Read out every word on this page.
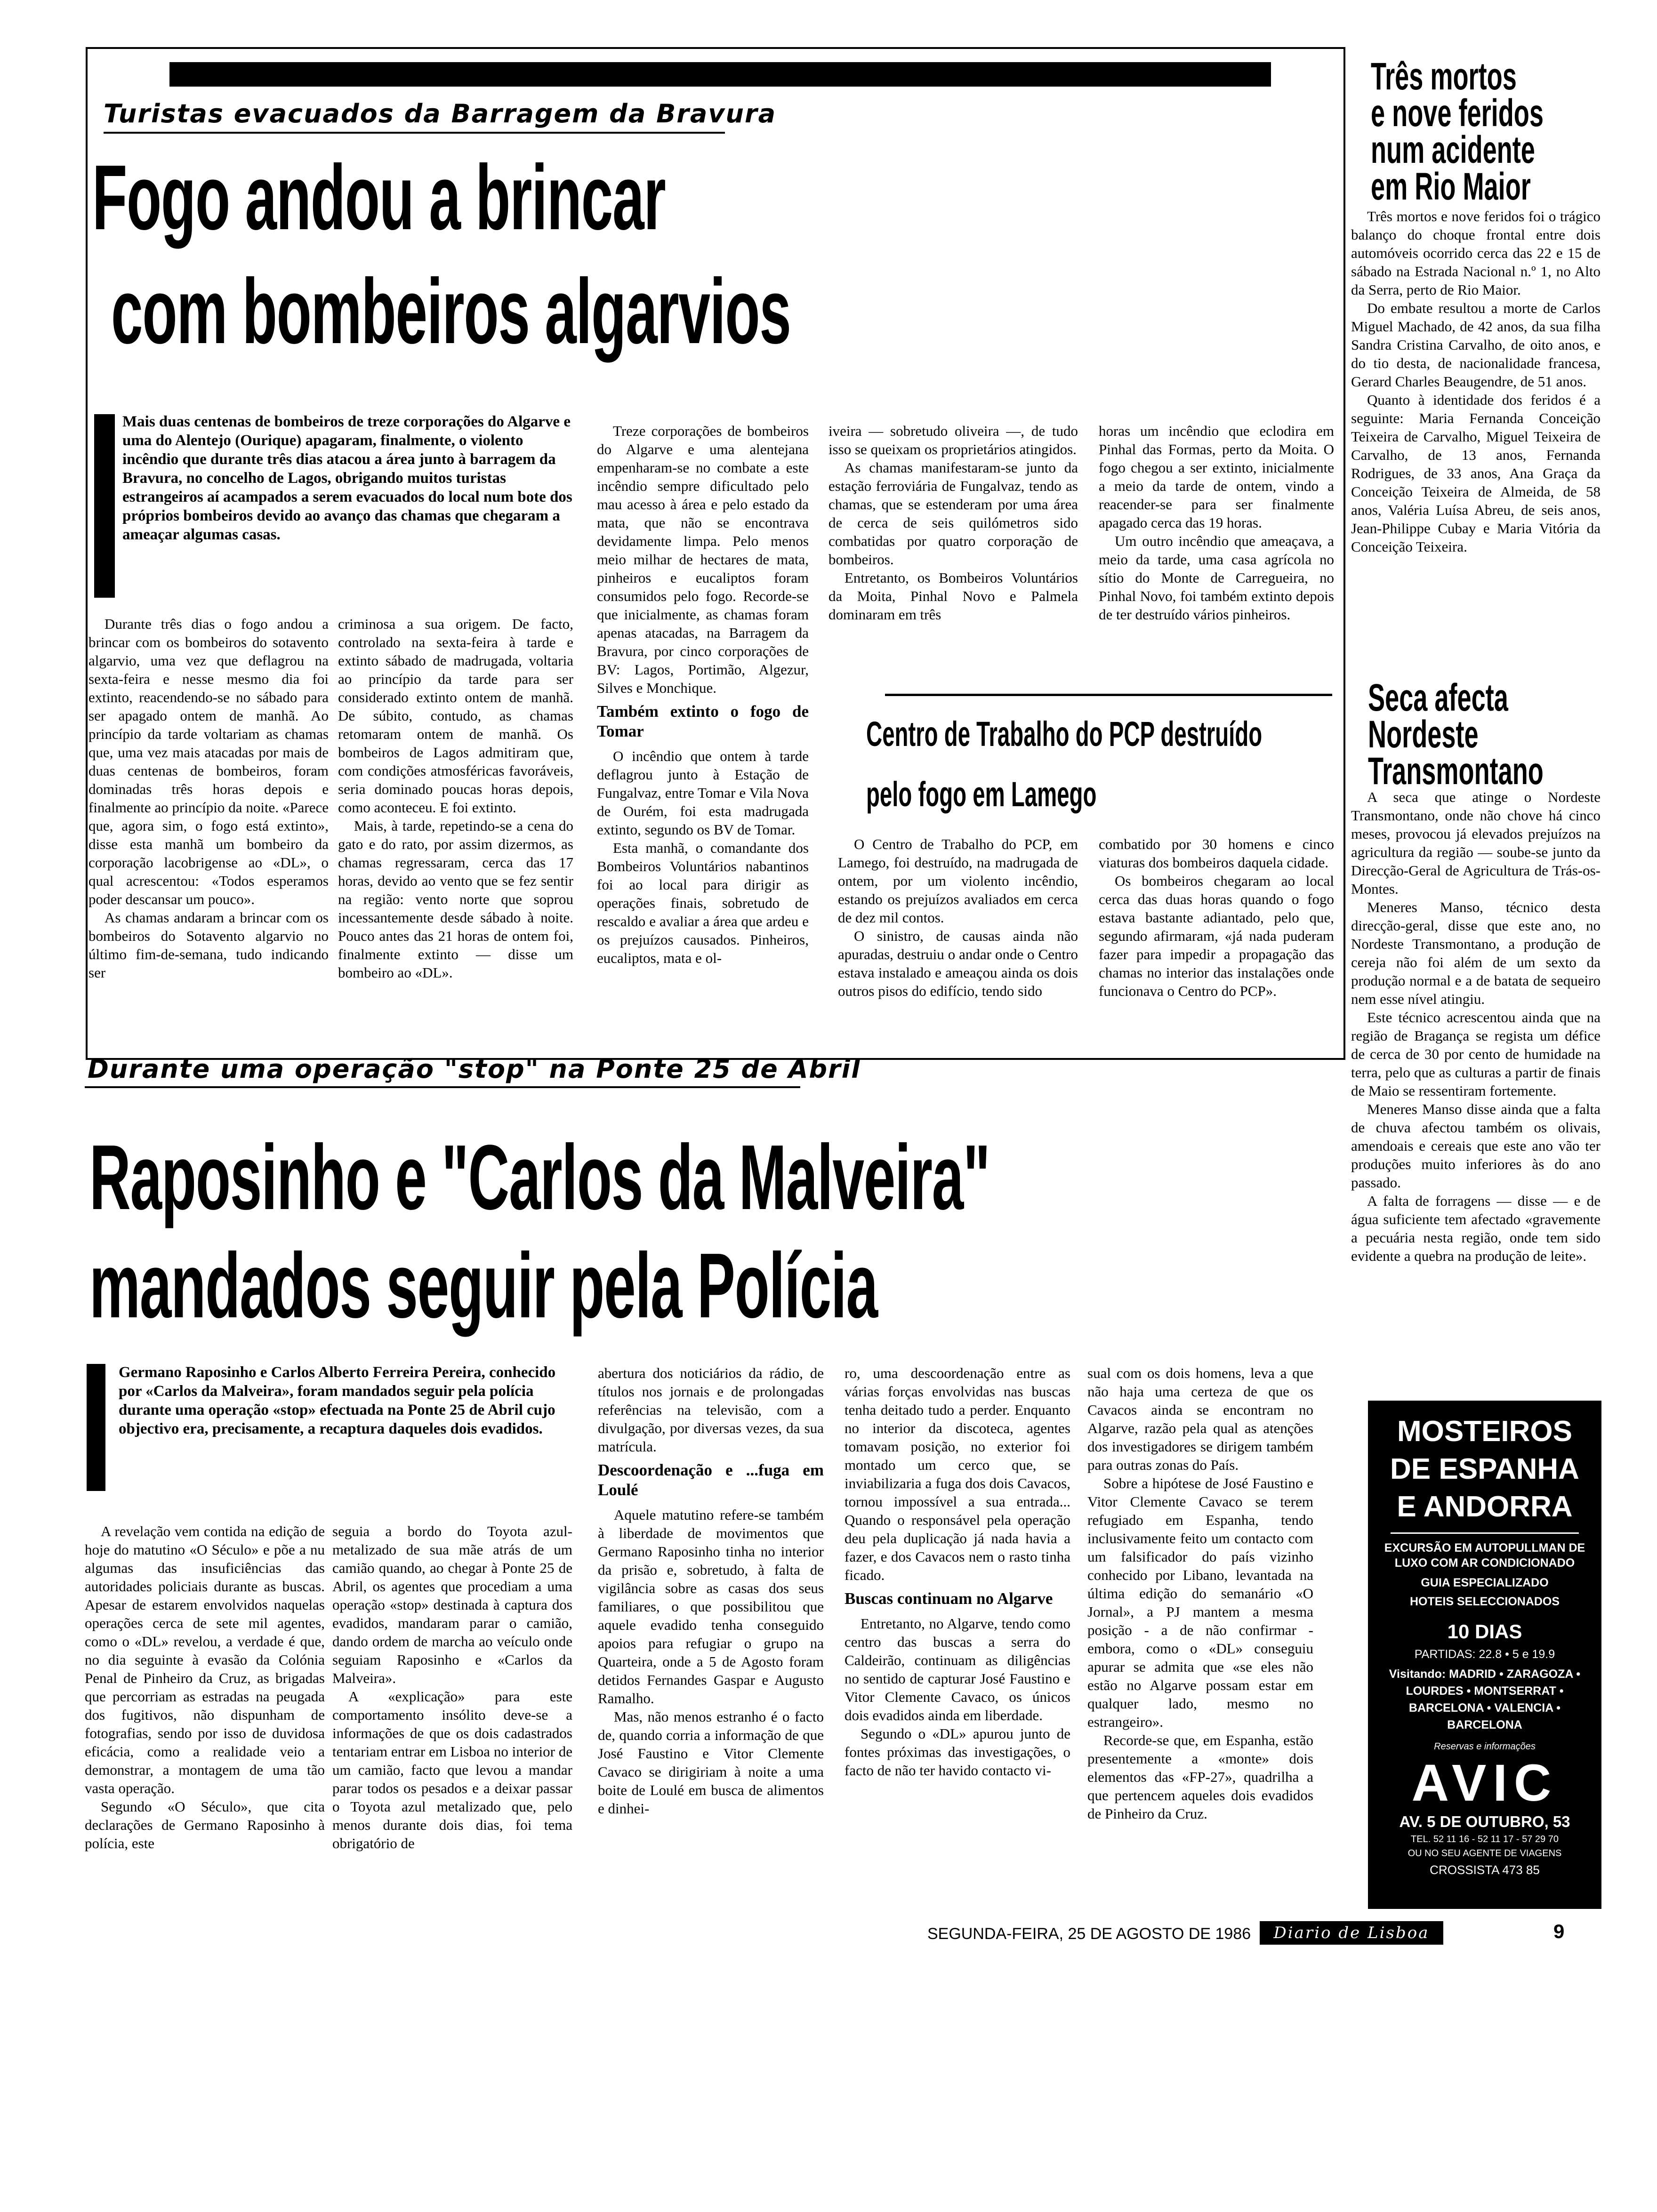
Turistas evacuados da Barragem da Bravura
Fogo andou a brincar
com bombeiros algarvios
Mais duas centenas de bombeiros de treze corporações do Algarve e uma do Alentejo (Ourique) apagaram, finalmente, o violento incêndio que durante três dias atacou a área junto à barragem da Bravura, no concelho de Lagos, obrigando muitos turistas estrangeiros aí acampados a serem evacuados do local num bote dos próprios bombeiros devido ao avanço das chamas que chegaram a ameaçar algumas casas.

Durante três dias o fogo andou a brincar com os bombeiros do sotavento algarvio, uma vez que deflagrou na sexta-feira e nesse mesmo dia foi extinto, reacendendo-se no sábado para ser apagado ontem de manhã. Ao princípio da tarde voltariam as chamas que, uma vez mais atacadas por mais de duas centenas de bombeiros, foram dominadas três horas depois e finalmente ao princípio da noite. «Parece que, agora sim, o fogo está extinto», disse esta manhã um bombeiro da corporação lacobrigense ao «DL», o qual acrescentou: «Todos esperamos poder descansar um pouco».

As chamas andaram a brincar com os bombeiros do Sotavento algarvio no último fim-de-semana, tudo indicando ser

criminosa a sua origem. De facto, controlado na sexta-feira à tarde e extinto sábado de madrugada, voltaria ao princípio da tarde para ser considerado extinto ontem de manhã. De súbito, contudo, as chamas retomaram ontem de manhã. Os bombeiros de Lagos admitiram que, com condições atmosféricas favoráveis, seria dominado poucas horas depois, como aconteceu. E foi extinto.

Mais, à tarde, repetindo-se a cena do gato e do rato, por assim dizermos, as chamas regressaram, cerca das 17 horas, devido ao vento que se fez sentir na região: vento norte que soprou incessantemente desde sábado à noite. Pouco antes das 21 horas de ontem foi, finalmente extinto — disse um bombeiro ao «DL».

Treze corporações de bombeiros do Algarve e uma alentejana empenharam-se no combate a este incêndio sempre dificultado pelo mau acesso à área e pelo estado da mata, que não se encontrava devidamente limpa. Pelo menos meio milhar de hectares de mata, pinheiros e eucaliptos foram consumidos pelo fogo. Recorde-se que inicialmente, as chamas foram apenas atacadas, na Barragem da Bravura, por cinco corporações de BV: Lagos, Portimão, Algezur, Silves e Monchique.

Também extinto o fogo de Tomar

O incêndio que ontem à tarde deflagrou junto à Estação de Fungalvaz, entre Tomar e Vila Nova de Ourém, foi esta madrugada extinto, segundo os BV de Tomar.

Esta manhã, o comandante dos Bombeiros Voluntários nabantinos foi ao local para dirigir as operações finais, sobretudo de rescaldo e avaliar a área que ardeu e os prejuízos causados. Pinheiros, eucaliptos, mata e ol-

iveira — sobretudo oliveira —, de tudo isso se queixam os proprietários atingidos.

As chamas manifestaram-se junto da estação ferroviária de Fungalvaz, tendo as chamas, que se estenderam por uma área de cerca de seis quilómetros sido combatidas por quatro corporação de bombeiros.

Entretanto, os Bombeiros Voluntários da Moita, Pinhal Novo e Palmela dominaram em três

horas um incêndio que eclodira em Pinhal das Formas, perto da Moita. O fogo chegou a ser extinto, inicialmente a meio da tarde de ontem, vindo a reacender-se para ser finalmente apagado cerca das 19 horas.

Um outro incêndio que ameaçava, a meio da tarde, uma casa agrícola no sítio do Monte de Carregueira, no Pinhal Novo, foi também extinto depois de ter destruído vários pinheiros.

Centro de Trabalho do PCP destruído
pelo fogo em Lamego

O Centro de Trabalho do PCP, em Lamego, foi destruído, na madrugada de ontem, por um violento incêndio, estando os prejuízos avaliados em cerca de dez mil contos.

O sinistro, de causas ainda não apuradas, destruiu o andar onde o Centro estava instalado e ameaçou ainda os dois outros pisos do edifício, tendo sido

combatido por 30 homens e cinco viaturas dos bombeiros daquela cidade.

Os bombeiros chegaram ao local cerca das duas horas quando o fogo estava bastante adiantado, pelo que, segundo afirmaram, «já nada puderam fazer para impedir a propagação das chamas no interior das instalações onde funcionava o Centro do PCP».

Durante uma operação "stop" na Ponte 25 de Abril
Raposinho e "Carlos da Malveira"
mandados seguir pela Polícia
Germano Raposinho e Carlos Alberto Ferreira Pereira, conhecido por «Carlos da Malveira», foram mandados seguir pela polícia durante uma operação «stop» efectuada na Ponte 25 de Abril cujo objectivo era, precisamente, a recaptura daqueles dois evadidos.

A revelação vem contida na edição de hoje do matutino «O Século» e põe a nu algumas das insuficiências das autoridades policiais durante as buscas. Apesar de estarem envolvidos naquelas operações cerca de sete mil agentes, como o «DL» revelou, a verdade é que, no dia seguinte à evasão da Colónia Penal de Pinheiro da Cruz, as brigadas que percorriam as estradas na peugada dos fugitivos, não dispunham de fotografias, sendo por isso de duvidosa eficácia, como a realidade veio a demonstrar, a montagem de uma tão vasta operação.

Segundo «O Século», que cita declarações de Germano Raposinho à polícia, este

seguia a bordo do Toyota azul-metalizado de sua mãe atrás de um camião quando, ao chegar à Ponte 25 de Abril, os agentes que procediam a uma operação «stop» destinada à captura dos evadidos, mandaram parar o camião, dando ordem de marcha ao veículo onde seguiam Raposinho e «Carlos da Malveira».

A «explicação» para este comportamento insólito deve-se a informações de que os dois cadastrados tentariam entrar em Lisboa no interior de um camião, facto que levou a mandar parar todos os pesados e a deixar passar o Toyota azul metalizado que, pelo menos durante dois dias, foi tema obrigatório de

abertura dos noticiários da rádio, de títulos nos jornais e de prolongadas referências na televisão, com a divulgação, por diversas vezes, da sua matrícula.

Descoordenação e ...fuga em Loulé

Aquele matutino refere-se também à liberdade de movimentos que Germano Raposinho tinha no interior da prisão e, sobretudo, à falta de vigilância sobre as casas dos seus familiares, o que possibilitou que aquele evadido tenha conseguido apoios para refugiar o grupo na Quarteira, onde a 5 de Agosto foram detidos Fernandes Gaspar e Augusto Ramalho.

Mas, não menos estranho é o facto de, quando corria a informação de que José Faustino e Vitor Clemente Cavaco se dirigiriam à noite a uma boite de Loulé em busca de alimentos e dinhei-

ro, uma descoordenação entre as várias forças envolvidas nas buscas tenha deitado tudo a perder. Enquanto no interior da discoteca, agentes tomavam posição, no exterior foi montado um cerco que, se inviabilizaria a fuga dos dois Cavacos, tornou impossível a sua entrada... Quando o responsável pela operação deu pela duplicação já nada havia a fazer, e dos Cavacos nem o rasto tinha ficado.

Buscas continuam no Algarve

Entretanto, no Algarve, tendo como centro das buscas a serra do Caldeirão, continuam as diligências no sentido de capturar José Faustino e Vitor Clemente Cavaco, os únicos dois evadidos ainda em liberdade.

Segundo o «DL» apurou junto de fontes próximas das investigações, o facto de não ter havido contacto vi-

sual com os dois homens, leva a que não haja uma certeza de que os Cavacos ainda se encontram no Algarve, razão pela qual as atenções dos investigadores se dirigem também para outras zonas do País.

Sobre a hipótese de José Faustino e Vitor Clemente Cavaco se terem refugiado em Espanha, tendo inclusivamente feito um contacto com um falsificador do país vizinho conhecido por Libano, levantada na última edição do semanário «O Jornal», a PJ mantem a mesma posição - a de não confirmar - embora, como o «DL» conseguiu apurar se admita que «se eles não estão no Algarve possam estar em qualquer lado, mesmo no estrangeiro».

Recorde-se que, em Espanha, estão presentemente a «monte» dois elementos das «FP-27», quadrilha a que pertencem aqueles dois evadidos de Pinheiro da Cruz.

Três mortos
e nove feridos
num acidente
em Rio Maior

Três mortos e nove feridos foi o trágico balanço do choque frontal entre dois automóveis ocorrido cerca das 22 e 15 de sábado na Estrada Nacional n.º 1, no Alto da Serra, perto de Rio Maior.

Do embate resultou a morte de Carlos Miguel Machado, de 42 anos, da sua filha Sandra Cristina Carvalho, de oito anos, e do tio desta, de nacionalidade francesa, Gerard Charles Beaugendre, de 51 anos.

Quanto à identidade dos feridos é a seguinte: Maria Fernanda Conceição Teixeira de Carvalho, Miguel Teixeira de Carvalho, de 13 anos, Fernanda Rodrigues, de 33 anos, Ana Graça da Conceição Teixeira de Almeida, de 58 anos, Valéria Luísa Abreu, de seis anos, Jean-Philippe Cubay e Maria Vitória da Conceição Teixeira.

Seca afecta
Nordeste
Transmontano

A seca que atinge o Nordeste Transmontano, onde não chove há cinco meses, provocou já elevados prejuízos na agricultura da região — soube-se junto da Direcção-Geral de Agricultura de Trás-os-Montes.

Meneres Manso, técnico desta direcção-geral, disse que este ano, no Nordeste Transmontano, a produção de cereja não foi além de um sexto da produção normal e a de batata de sequeiro nem esse nível atingiu.

Este técnico acrescentou ainda que na região de Bragança se regista um défice de cerca de 30 por cento de humidade na terra, pelo que as culturas a partir de finais de Maio se ressentiram fortemente.

Meneres Manso disse ainda que a falta de chuva afectou também os olivais, amendoais e cereais que este ano vão ter produções muito inferiores às do ano passado.

A falta de forragens — disse — e de água suficiente tem afectado «gravemente a pecuária nesta região, onde tem sido evidente a quebra na produção de leite».

MOSTEIROS
DE ESPANHA
E ANDORRA
EXCURSÃO EM AUTOPULLMAN DE LUXO COM AR CONDICIONADO
GUIA ESPECIALIZADO
HOTEIS SELECCIONADOS
10 DIAS
PARTIDAS: 22.8 • 5 e 19.9
Visitando: MADRID • ZARAGOZA • LOURDES • MONTSERRAT • BARCELONA • VALENCIA • BARCELONA
Reservas e informações
AVIC
AV. 5 DE OUTUBRO, 53
TEL. 52 11 16 - 52 11 17 - 57 29 70
OU NO SEU AGENTE DE VIAGENS
CROSSISTA 473 85
SEGUNDA-FEIRA, 25 DE AGOSTO DE 1986	Diario de Lisboa	9
